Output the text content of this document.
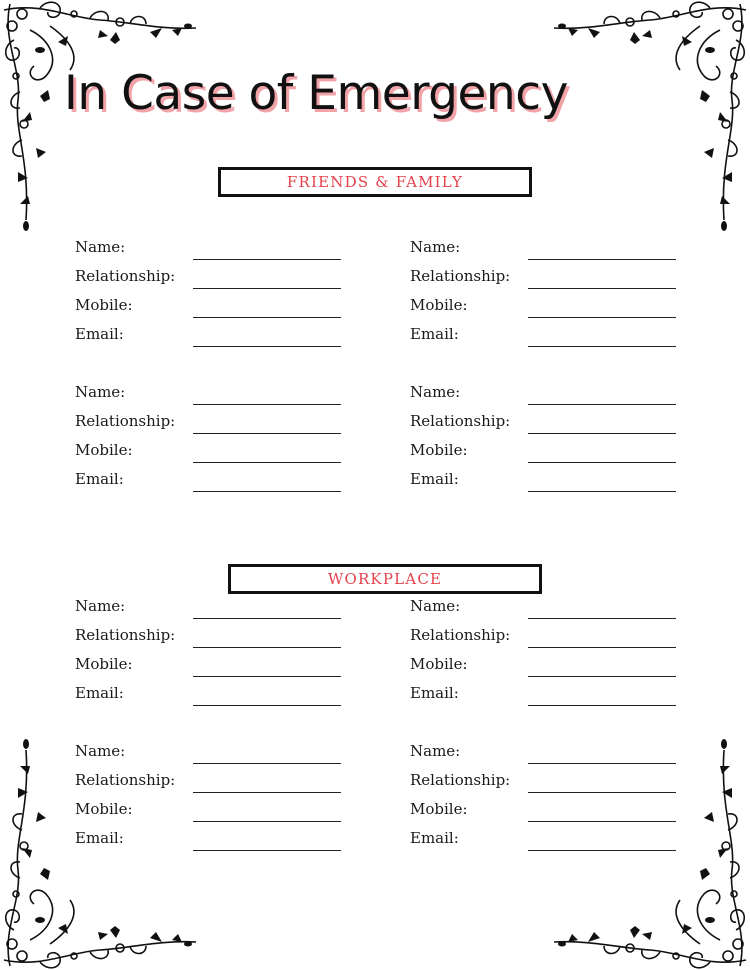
In Case of Emergency
FRIENDS & FAMILY
WORKPLACE
Name:
Relationship:
Mobile:
Email:
Name:
Relationship:
Mobile:
Email:
Name:
Relationship:
Mobile:
Email:
Name:
Relationship:
Mobile:
Email:
Name:
Relationship:
Mobile:
Email:
Name:
Relationship:
Mobile:
Email:
Name:
Relationship:
Mobile:
Email:
Name:
Relationship:
Mobile:
Email:
